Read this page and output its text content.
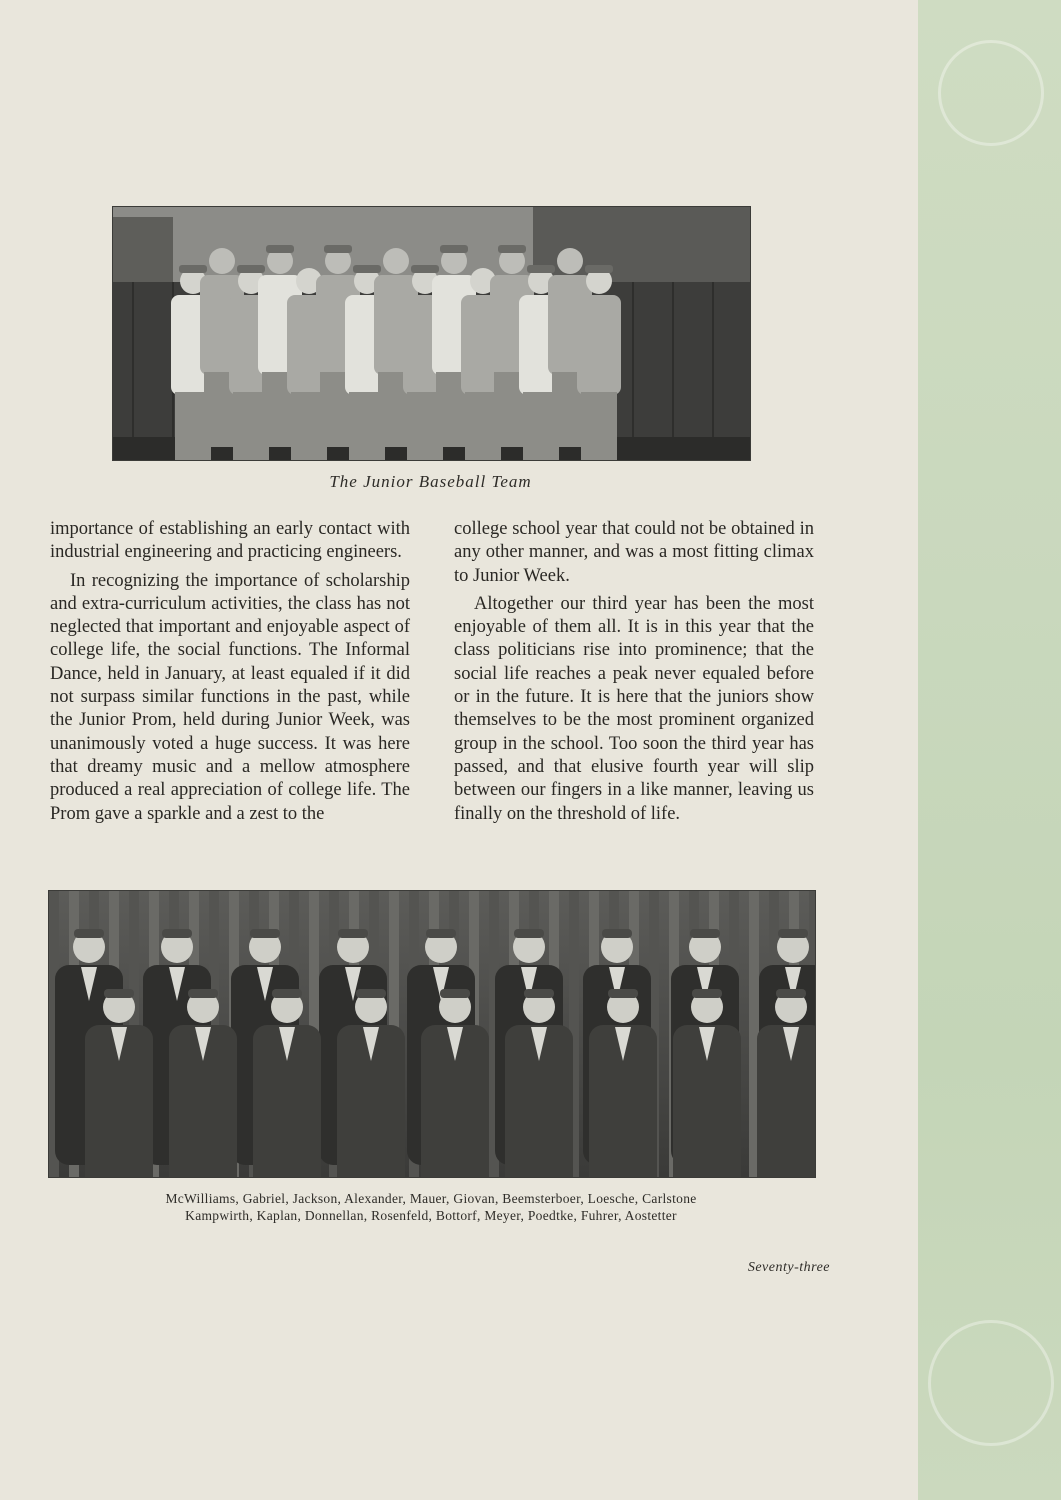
The Junior Baseball Team

importance of establishing an early contact with industrial engineering and practicing engineers.

In recognizing the importance of scholarship and extra-curriculum activities, the class has not neglected that important and enjoyable aspect of college life, the social functions. The Informal Dance, held in January, at least equaled if it did not surpass similar functions in the past, while the Junior Prom, held during Junior Week, was unanimously voted a huge success. It was here that dreamy music and a mellow atmosphere produced a real appreciation of college life. The Prom gave a sparkle and a zest to the

college school year that could not be obtained in any other manner, and was a most fitting climax to Junior Week.

Altogether our third year has been the most enjoyable of them all. It is in this year that the class politicians rise into prominence; that the social life reaches a peak never equaled before or in the future. It is here that the juniors show themselves to be the most prominent organized group in the school. Too soon the third year has passed, and that elusive fourth year will slip between our fingers in a like manner, leaving us finally on the threshold of life.

McWilliams, Gabriel, Jackson, Alexander, Mauer, Giovan, Beemsterboer, Loesche, Carlstone
Kampwirth, Kaplan, Donnellan, Rosenfeld, Bottorf, Meyer, Poedtke, Fuhrer, Aostetter
Seventy-three
